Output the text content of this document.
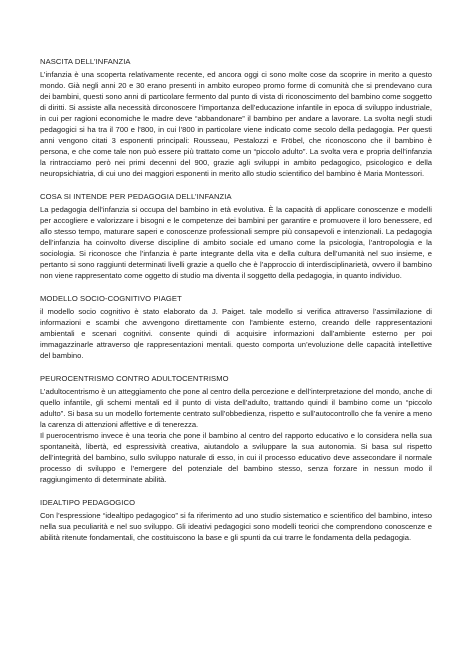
NASCITA DELL’INFANZIA

L’infanzia è una scoperta relativamente recente, ed ancora oggi ci sono molte cose da scoprire in merito a questo mondo. Già negli anni 20 e 30 erano presenti in ambito europeo promo forme di comunità che si prendevano cura dei bambini, questi sono anni di particolare fermento dal punto di vista di riconoscimento del bambino come soggetto di diritti. Si assiste alla necessità dirconoscere l’importanza dell’educazione infantile in epoca di sviluppo industriale, in cui per ragioni economiche le madre deve “abbandonare” il bambino per andare a lavorare. La svolta negli studi pedagogici si ha tra il 700 e l’800, in cui l’800 in particolare viene indicato come secolo della pedagogia. Per questi anni vengono citati 3 esponenti principali: Rousseau, Pestalozzi e Fröbel, che riconoscono che il bambino è persona, e che come tale non può essere più trattato come un “piccolo adulto”. La svolta vera e propria dell’infanzia la rintracciamo però nei primi decenni del 900, grazie agli sviluppi in ambito pedagogico, psicologico e della neuropsichiatria, di cui uno dei maggiori esponenti in merito allo studio scientifico del bambino è Maria Montessori.

COSA SI INTENDE PER PEDAGOGIA DELL’INFANZIA

La pedagogia dell’infanzia si occupa del bambino in età evolutiva. È la capacità di applicare conoscenze e modelli per accogliere e valorizzare i bisogni e le competenze dei bambini per garantire e promuovere il loro benessere, ed allo stesso tempo, maturare saperi e conoscenze professionali sempre più consapevoli e intenzionali. La pedagogia dell’infanzia ha coinvolto diverse discipline di ambito sociale ed umano come la psicologia, l’antropologia e la sociologia. Si riconosce che l’infanzia è parte integrante della vita e della cultura dell’umanità nel suo insieme, e pertanto si sono raggiunti determinati livelli grazie a quello che è l’approccio di interdisciplinarietà, ovvero il bambino non viene rappresentato come oggetto di studio ma diventa il soggetto della pedagogia, in quanto individuo.

MODELLO SOCIO-COGNITIVO PIAGET

il modello socio cognitivo è stato elaborato da J. Paiget. tale modello si verifica attraverso l’assimilazione di informazioni e scambi che avvengono direttamente con l’ambiente esterno, creando delle rappresentazioni ambientali e scenari cognitivi. consente quindi di acquisire informazioni dall’ambiente esterno per poi immagazzinarle attraverso qle rappresentazioni mentali. questo comporta un’evoluzione delle capacità intellettive del bambino.

PEUROCENTRISMO CONTRO ADULTOCENTRISMO

L’adultocentrismo è un atteggiamento che pone al centro della percezione e dell’interpretazione del mondo, anche di quello infantile, gli schemi mentali ed il punto di vista dell’adulto, trattando quindi il bambino come un “piccolo adulto”. Si basa su un modello fortemente centrato sull’obbedienza, rispetto e sull’autocontrollo che fa venire a meno la carenza di attenzioni affettive e di tenerezza.

Il puerocentrismo invece è una teoria che pone il bambino al centro del rapporto educativo e lo considera nella sua spontaneità, libertà, ed espressività creativa, aiutandolo a sviluppare la sua autonomia. Si basa sul rispetto dell’integrità del bambino, sullo sviluppo naturale di esso, in cui il processo educativo deve assecondare il normale processo di sviluppo e l’emergere del potenziale del bambino stesso, senza forzare in nessun modo il raggiungimento di determinate abilità.

IDEALTIPO PEDAGOGICO

Con l’espressione “idealtipo pedagogico” si fa riferimento ad uno studio sistematico e scientifico del bambino, inteso nella sua peculiarità e nel suo sviluppo. Gli ideativi pedagogici sono modelli teorici che comprendono conoscenze e abilità ritenute fondamentali, che costituiscono la base e gli spunti da cui trarre le fondamenta della pedagogia.
